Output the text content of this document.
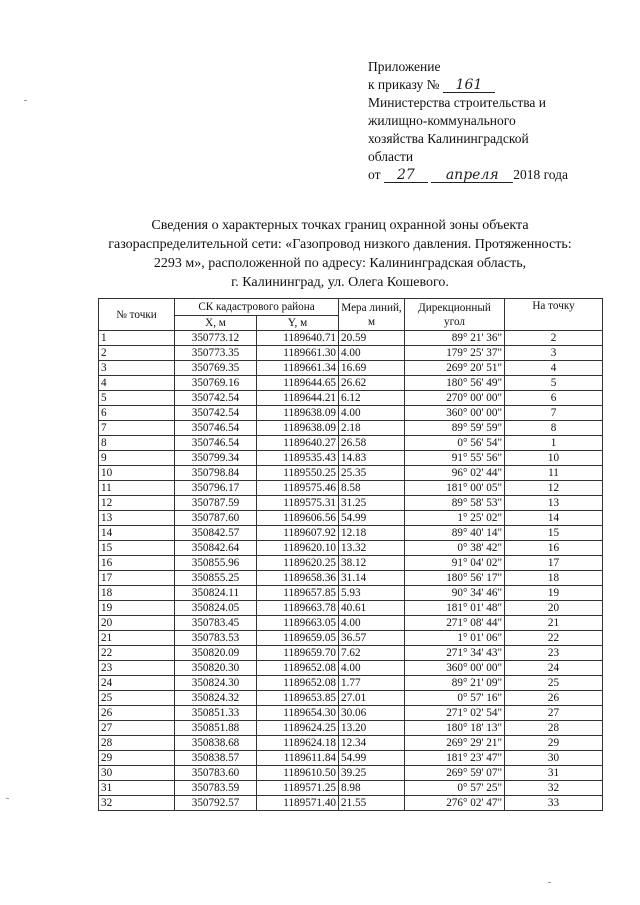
Приложение
к приказу № 161
Министерства строительства и
жилищно-коммунального
хозяйства Калининградской
области
от 27 апреля 2018 года
Сведения о характерных точках границ охранной зоны объекта
газораспределительной сети: «Газопровод низкого давления. Протяженность:
2293 м», расположенной по адресу: Калининградская область,
г. Калининград, ул. Олега Кошевого.
№ точки	СК кадастрового района		Мера линий, м	Дирекционный угол	На точку
	X, м	Y, м			
1	350773.12	1189640.71	20.59	89° 21' 36"	2
2	350773.35	1189661.30	4.00	179° 25' 37"	3
3	350769.35	1189661.34	16.69	269° 20' 51"	4
4	350769.16	1189644.65	26.62	180° 56' 49"	5
5	350742.54	1189644.21	6.12	270° 00' 00"	6
6	350742.54	1189638.09	4.00	360° 00' 00"	7
7	350746.54	1189638.09	2.18	89° 59' 59"	8
8	350746.54	1189640.27	26.58	0° 56' 54"	1
9	350799.34	1189535.43	14.83	91° 55' 56"	10
10	350798.84	1189550.25	25.35	96° 02' 44"	11
11	350796.17	1189575.46	8.58	181° 00' 05"	12
12	350787.59	1189575.31	31.25	89° 58' 53"	13
13	350787.60	1189606.56	54.99	1° 25' 02"	14
14	350842.57	1189607.92	12.18	89° 40' 14"	15
15	350842.64	1189620.10	13.32	0° 38' 42"	16
16	350855.96	1189620.25	38.12	91° 04' 02"	17
17	350855.25	1189658.36	31.14	180° 56' 17"	18
18	350824.11	1189657.85	5.93	90° 34' 46"	19
19	350824.05	1189663.78	40.61	181° 01' 48"	20
20	350783.45	1189663.05	4.00	271° 08' 44"	21
21	350783.53	1189659.05	36.57	1° 01' 06"	22
22	350820.09	1189659.70	7.62	271° 34' 43"	23
23	350820.30	1189652.08	4.00	360° 00' 00"	24
24	350824.30	1189652.08	1.77	89° 21' 09"	25
25	350824.32	1189653.85	27.01	0° 57' 16"	26
26	350851.33	1189654.30	30.06	271° 02' 54"	27
27	350851.88	1189624.25	13.20	180° 18' 13"	28
28	350838.68	1189624.18	12.34	269° 29' 21"	29
29	350838.57	1189611.84	54.99	181° 23' 47"	30
30	350783.60	1189610.50	39.25	269° 59' 07"	31
31	350783.59	1189571.25	8.98	0° 57' 25"	32
32	350792.57	1189571.40	21.55	276° 02' 47"	33
